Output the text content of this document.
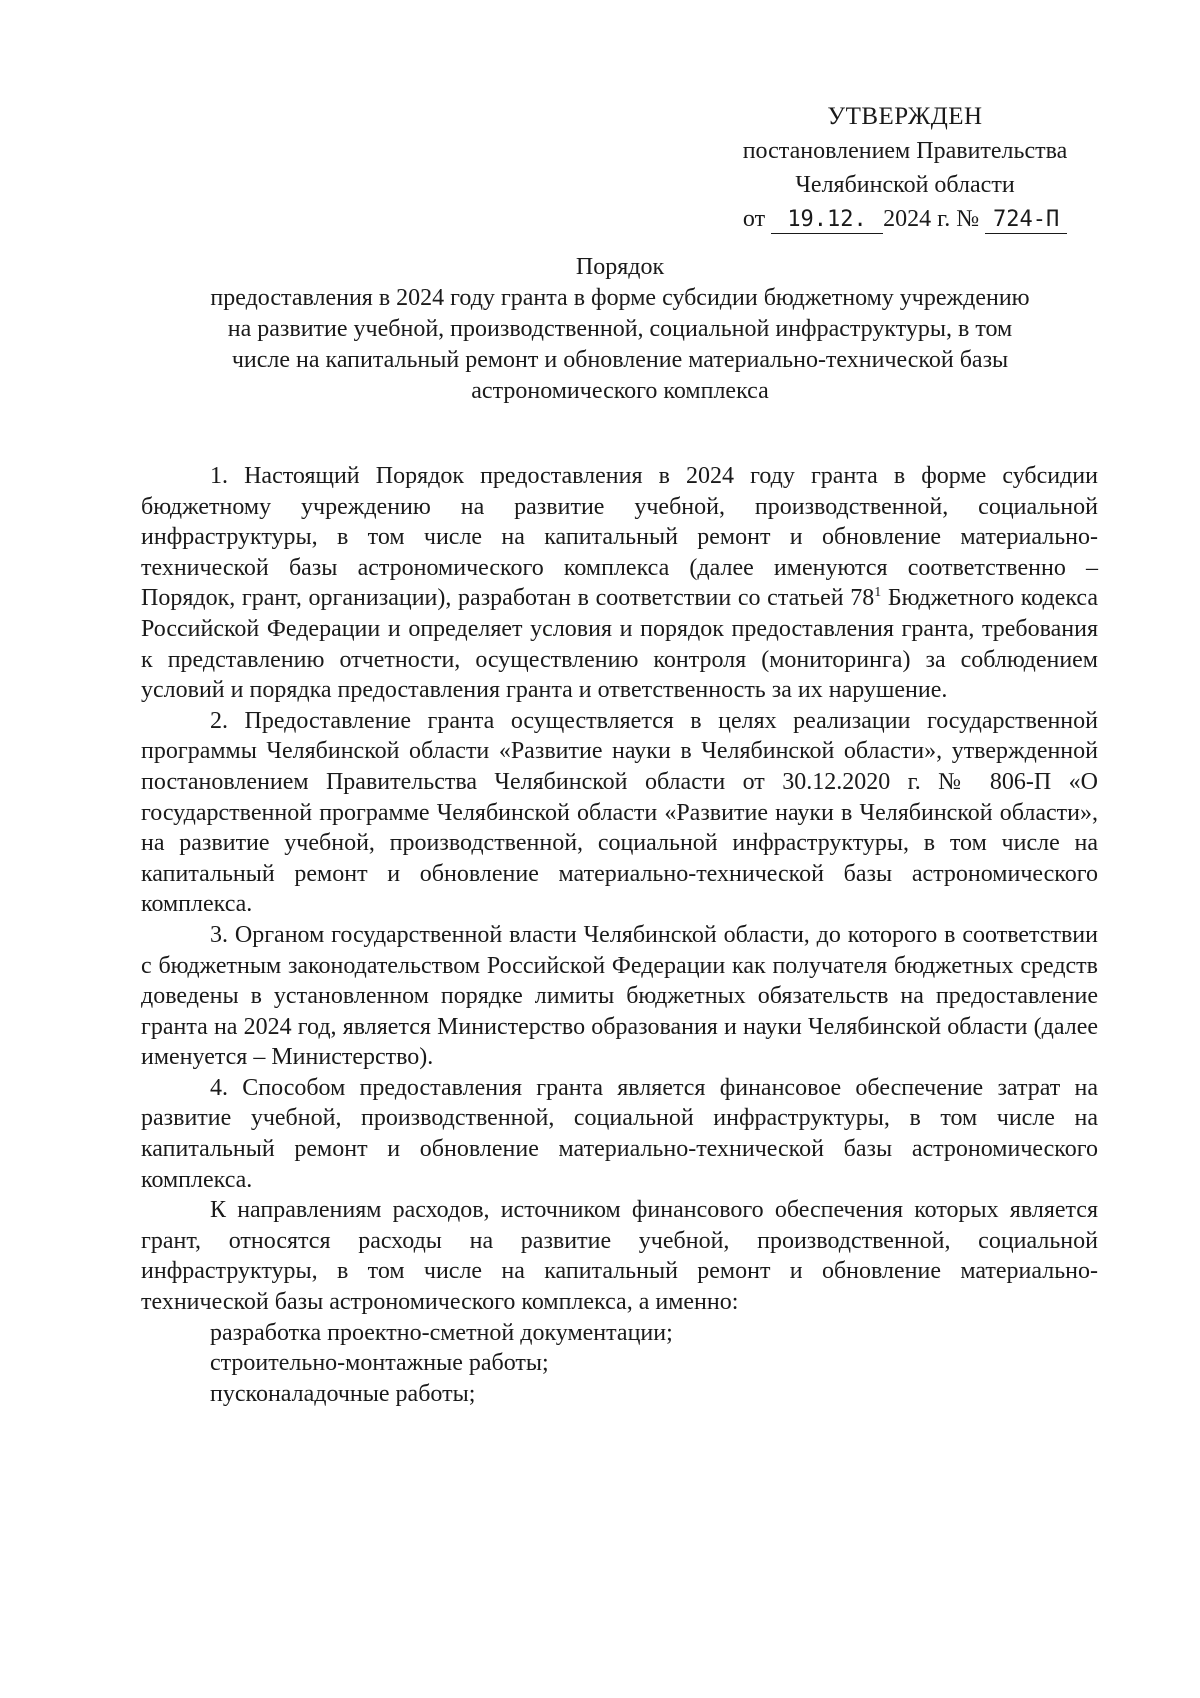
УТВЕРЖДЕН
постановлением Правительства
Челябинской области
от 19.12. 2024 г. № 724-П
Порядок
предоставления в 2024 году гранта в форме субсидии бюджетному учреждению
на развитие учебной, производственной, социальной инфраструктуры, в том
числе на капитальный ремонт и обновление материально-технической базы
астрономического комплекса

1. Настоящий Порядок предоставления в 2024 году гранта в форме субсидии бюджетному учреждению на развитие учебной, производственной, социальной инфраструктуры, в том числе на капитальный ремонт и обновление материально-технической базы астрономического комплекса (далее именуются соответственно – Порядок, грант, организации), разработан в соответствии со статьей $78^1$ Бюджетного кодекса Российской Федерации и определяет условия и порядок предоставления гранта, требования к представлению отчетности, осуществлению контроля (мониторинга) за соблюдением условий и порядка предоставления гранта и ответственность за их нарушение.

2. Предоставление гранта осуществляется в целях реализации государственной программы Челябинской области «Развитие науки в Челябинской области», утвержденной постановлением Правительства Челябинской области от 30.12.2020 г. № 806-П «О государственной программе Челябинской области «Развитие науки в Челябинской области», на развитие учебной, производственной, социальной инфраструктуры, в том числе на капитальный ремонт и обновление материально-технической базы астрономического комплекса.

3. Органом государственной власти Челябинской области, до которого в соответствии с бюджетным законодательством Российской Федерации как получателя бюджетных средств доведены в установленном порядке лимиты бюджетных обязательств на предоставление гранта на 2024 год, является Министерство образования и науки Челябинской области (далее именуется – Министерство).

4. Способом предоставления гранта является финансовое обеспечение затрат на развитие учебной, производственной, социальной инфраструктуры, в том числе на капитальный ремонт и обновление материально-технической базы астрономического комплекса.

К направлениям расходов, источником финансового обеспечения которых является грант, относятся расходы на развитие учебной, производственной, социальной инфраструктуры, в том числе на капитальный ремонт и обновление материально-технической базы астрономического комплекса, а именно:

разработка проектно-сметной документации;
строительно-монтажные работы;
пусконаладочные работы;
